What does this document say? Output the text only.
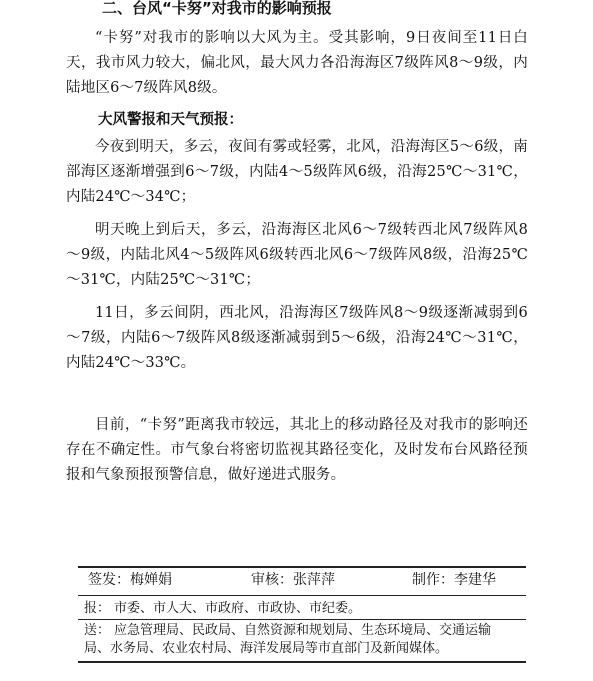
二、台风“卡努”对我市的影响预报

“卡努”对我市的影响以大风为主。受其影响，9日夜间至11日白天，我市风力较大，偏北风，最大风力各沿海海区7级阵风8～9级，内陆地区6～7级阵风8级。

大风警报和天气预报：

今夜到明天，多云，夜间有雾或轻雾，北风，沿海海区5～6级，南部海区逐渐增强到6～7级，内陆4～5级阵风6级，沿海25℃～31℃，内陆24℃～34℃；

明天晚上到后天，多云，沿海海区北风6～7级转西北风7级阵风8～9级，内陆北风4～5级阵风6级转西北风6～7级阵风8级，沿海25℃～31℃，内陆25℃～31℃；

11日，多云间阴，西北风，沿海海区7级阵风8～9级逐渐减弱到6～7级，内陆6～7级阵风8级逐渐减弱到5～6级，沿海24℃～31℃，内陆24℃～33℃。

目前，“卡努”距离我市较远，其北上的移动路径及对我市的影响还存在不确定性。市气象台将密切监视其路径变化，及时发布台风路径预报和气象预报预警信息，做好递进式服务。

签发：梅婵娟	审核：张萍萍	制作：李建华
报： 市委、市人大、市政府、市政协、市纪委。
送： 应急管理局、民政局、自然资源和规划局、生态环境局、交通运输
局、水务局、农业农村局、海洋发展局等市直部门及新闻媒体。
